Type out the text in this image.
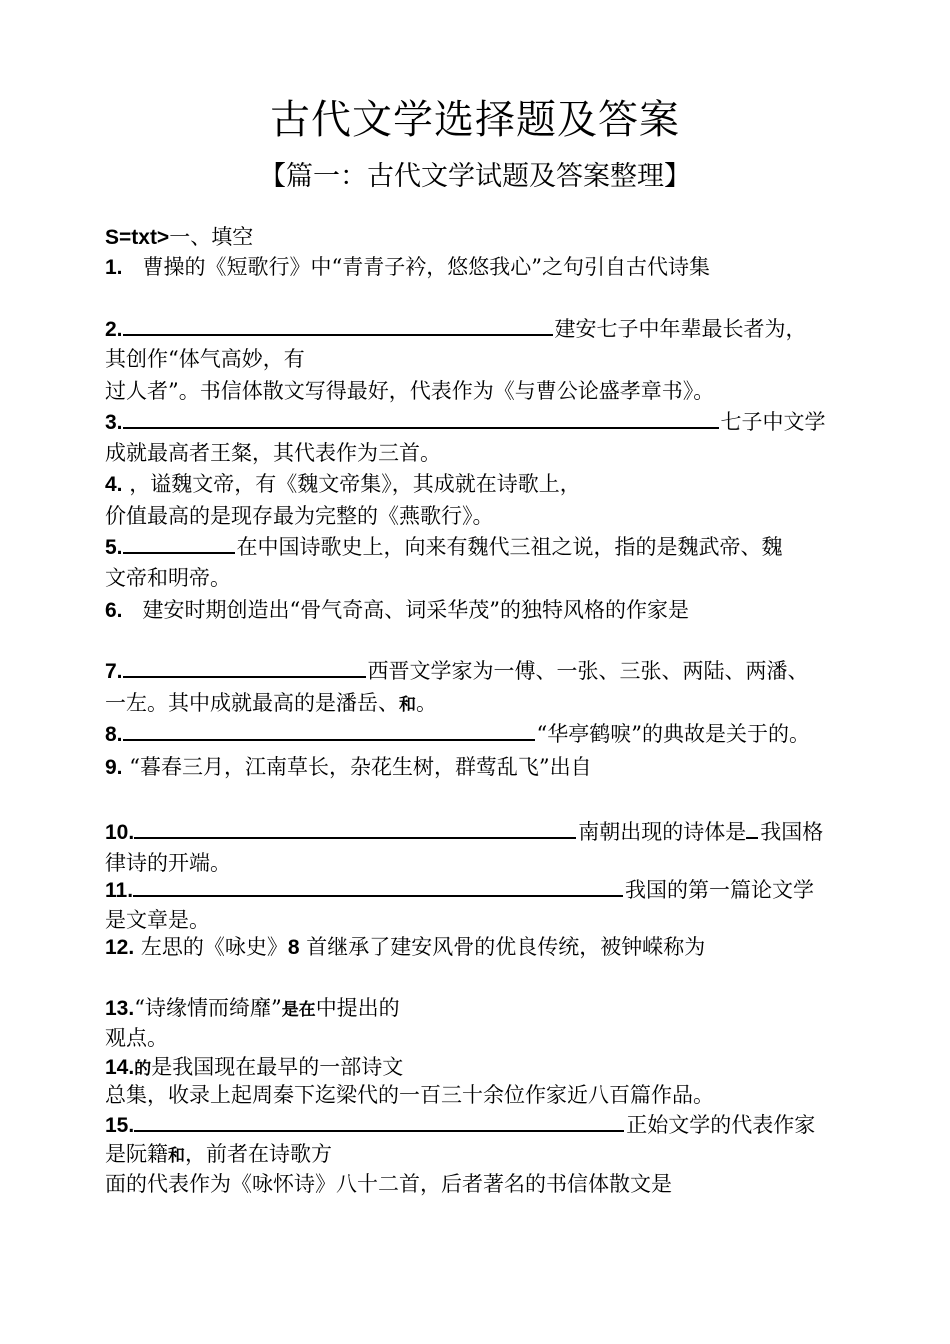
古代文学选择题及答案
【篇一：古代文学试题及答案整理】
S=txt>一、填空
1. 曹操的《短歌行》中“青青子衿，悠悠我心”之句引自古代诗集
2.	建安七子中年辈最长者为，
其创作“体气高妙，有
过人者”。书信体散文写得最好，代表作为《与曹公论盛孝章书》。
3.	七子中文学
成就最高者王粲，其代表作为三首。
4. ，谥魏文帝，有《魏文帝集》，其成就在诗歌上，
价值最高的是现存最为完整的《燕歌行》。
5.	在中国诗歌史上，向来有魏代三祖之说，指的是魏武帝、魏
文帝和明帝。
6. 建安时期创造出“骨气奇高、词采华茂”的独特风格的作家是
7.	西晋文学家为一傅、一张、三张、两陆、两潘、
一左。其中成就最高的是潘岳、和。
8.	“华亭鹤唳”的典故是关于的。
9. “暮春三月，江南草长，杂花生树，群莺乱飞”出自
10.	南朝出现的诗体是 我国格
律诗的开端。
11.	我国的第一篇论文学
是文章是。
12. 左思的《咏史》8 首继承了建安风骨的优良传统，被钟嵘称为
13.“诗缘情而绮靡”是在中提出的
观点。
14.的是我国现在最早的一部诗文
总集，收录上起周秦下迄梁代的一百三十余位作家近八百篇作品。
15.	正始文学的代表作家
是阮籍和，前者在诗歌方
面的代表作为《咏怀诗》八十二首，后者著名的书信体散文是
